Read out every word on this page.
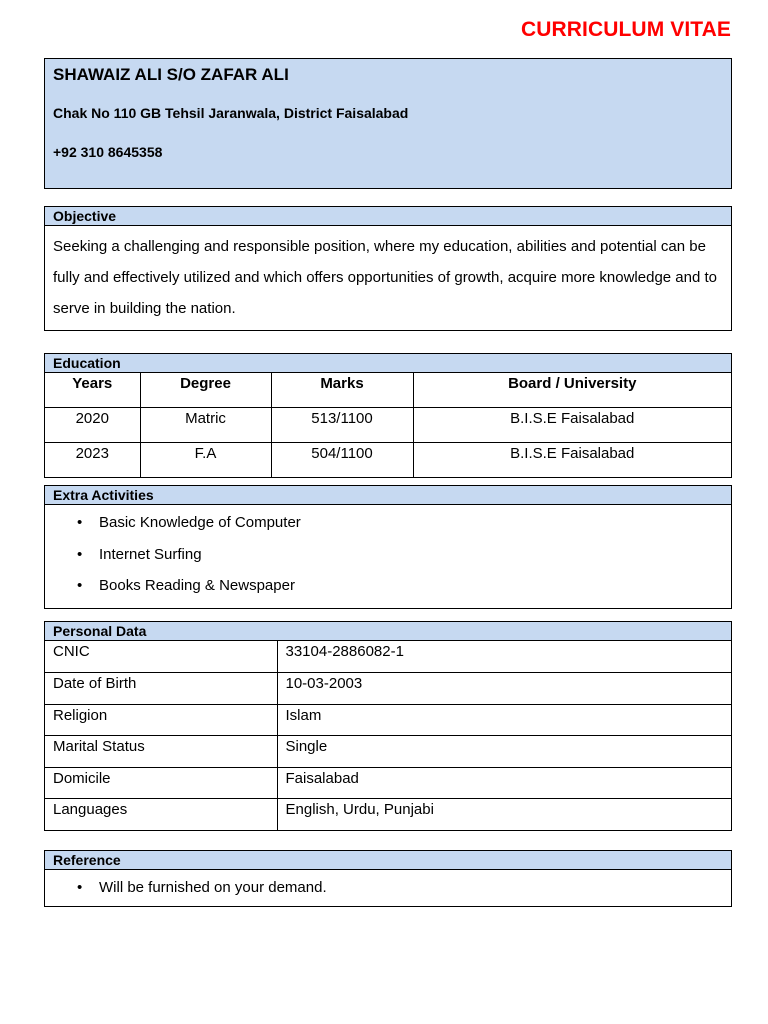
CURRICULUM VITAE
SHAWAIZ ALI S/O ZAFAR ALI
Chak No 110 GB Tehsil Jaranwala, District Faisalabad
+92 310 8645358
Objective
Seeking a challenging and responsible position, where my education, abilities and potential can be fully and effectively utilized and which offers opportunities of growth, acquire more knowledge and to serve in building the nation.
Education
Years	Degree	Marks	Board / University
2020	Matric	513/1100	B.I.S.E Faisalabad
2023	F.A	504/1100	B.I.S.E Faisalabad
Extra Activities
• Basic Knowledge of Computer
• Internet Surfing
• Books Reading & Newspaper
Personal Data
CNIC	33104-2886082-1
Date of Birth	10-03-2003
Religion	Islam
Marital Status	Single
Domicile	Faisalabad
Languages	English, Urdu, Punjabi
Reference
• Will be furnished on your demand.
